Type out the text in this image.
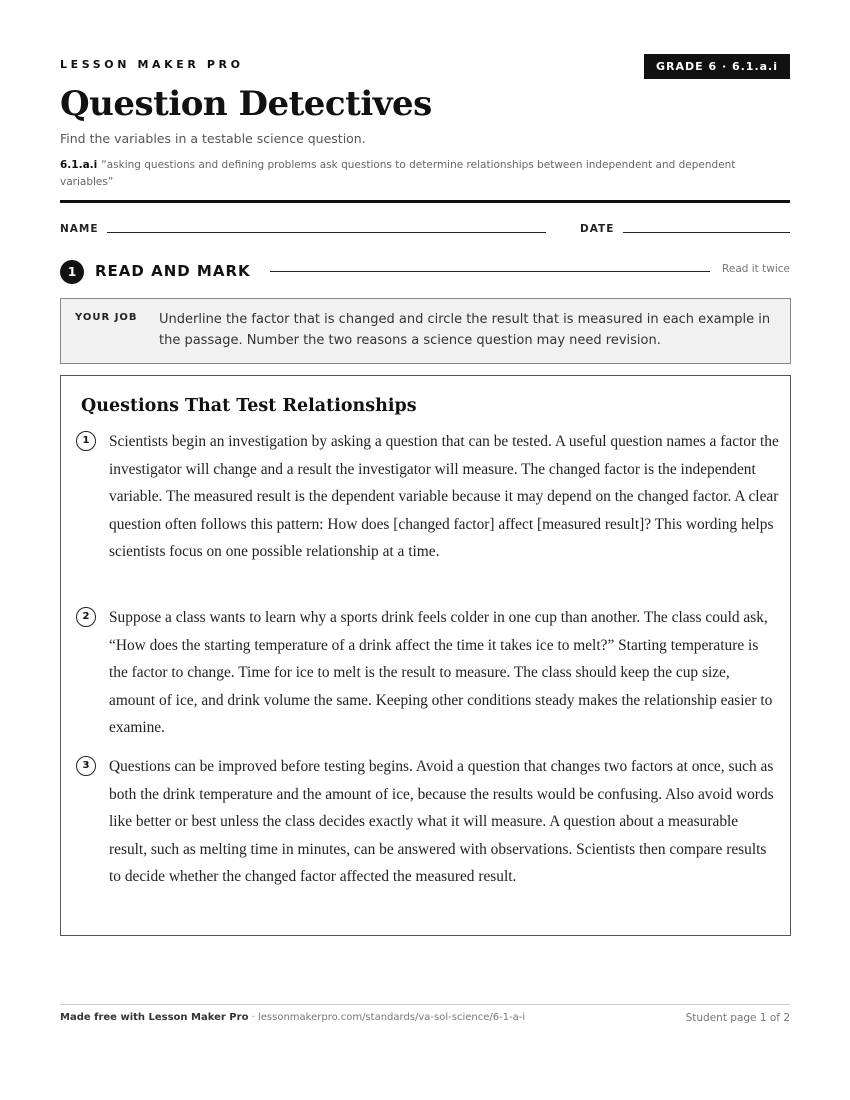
LESSON MAKER PRO	GRADE 6 · 6.1.a.i
Question Detectives
Find the variables in a testable science question.
6.1.a.i “asking questions and defining problems ask questions to determine relationships between independent and dependent variables”
NAME	DATE
1	READ AND MARK	Read it twice
YOUR JOB Underline the factor that is changed and circle the result that is measured in each example in the passage. Number the two reasons a science question may need revision.
Questions That Test Relationships
1	Scientists begin an investigation by asking a question that can be tested. A useful question names a factor the investigator will change and a result the investigator will measure. The changed factor is the independent variable. The measured result is the dependent variable because it may depend on the changed factor. A clear question often follows this pattern: How does [changed factor] affect [measured result]? This wording helps scientists focus on one possible relationship at a time.
2	Suppose a class wants to learn why a sports drink feels colder in one cup than another. The class could ask, “How does the starting temperature of a drink affect the time it takes ice to melt?” Starting temperature is the factor to change. Time for ice to melt is the result to measure. The class should keep the cup size, amount of ice, and drink volume the same. Keeping other conditions steady makes the relationship easier to examine.
3	Questions can be improved before testing begins. Avoid a question that changes two factors at once, such as both the drink temperature and the amount of ice, because the results would be confusing. Also avoid words like better or best unless the class decides exactly what it will measure. A question about a measurable result, such as melting time in minutes, can be answered with observations. Scientists then compare results to decide whether the changed factor affected the measured result.
Made free with Lesson Maker Pro · lessonmakerpro.com/standards/va-sol-science/6-1-a-i	Student page 1 of 2
